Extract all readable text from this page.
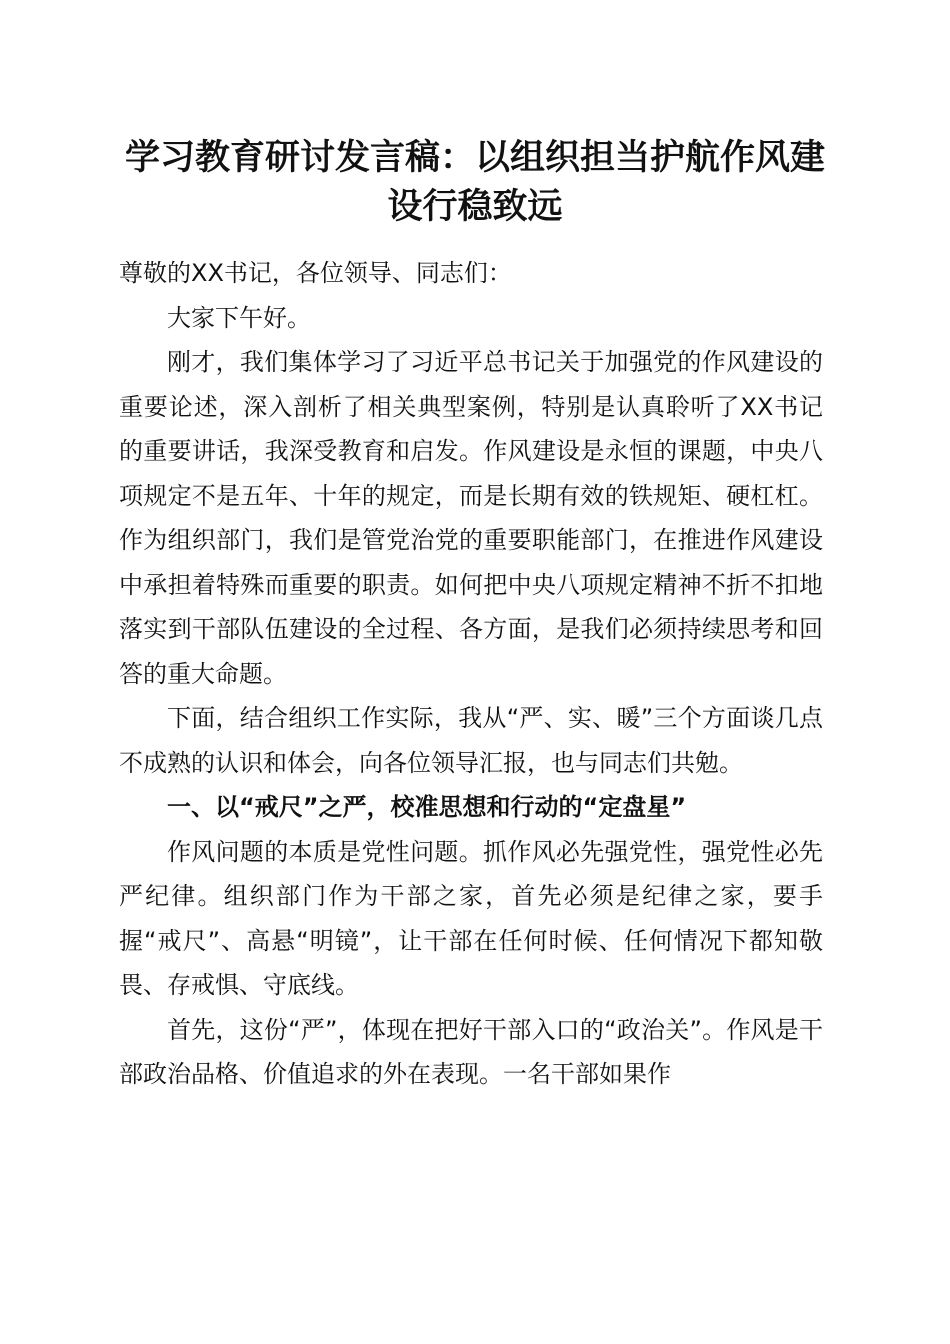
学习教育研讨发言稿：以组织担当护航作风建
设行稳致远

尊敬的XX书记，各位领导、同志们：

大家下午好。

刚才，我们集体学习了习近平总书记关于加强党的作风建设的重要论述，深入剖析了相关典型案例，特别是认真聆听了XX书记的重要讲话，我深受教育和启发。作风建设是永恒的课题，中央八项规定不是五年、十年的规定，而是长期有效的铁规矩、硬杠杠。作为组织部门，我们是管党治党的重要职能部门，在推进作风建设中承担着特殊而重要的职责。如何把中央八项规定精神不折不扣地落实到干部队伍建设的全过程、各方面，是我们必须持续思考和回答的重大命题。

下面，结合组织工作实际，我从“严、实、暖”三个方面谈几点不成熟的认识和体会，向各位领导汇报，也与同志们共勉。

一、以“戒尺”之严，校准思想和行动的“定盘星”

作风问题的本质是党性问题。抓作风必先强党性，强党性必先严纪律。组织部门作为干部之家，首先必须是纪律之家，要手握“戒尺”、高悬“明镜”，让干部在任何时候、任何情况下都知敬畏、存戒惧、守底线。

首先，这份“严”，体现在把好干部入口的“政治关”。作风是干部政治品格、价值追求的外在表现。一名干部如果作
